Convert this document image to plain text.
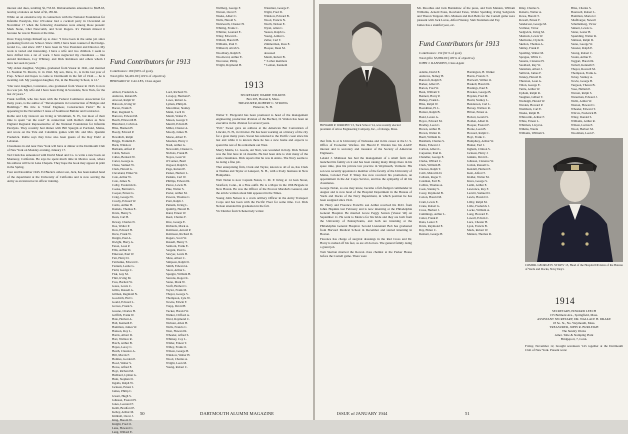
interest and dues, totalling $1,733.63. Disbursements amounted to $928.63, leaving a balance on hand of $1,185.66.

While on an extensive trip in connection with the National Foundation for Infantile Paralysis, Doc O'Connor had a cocktail party in Cleveland on November 17 when the following classmates were among those present: Mark Stone, Chet Newcomb, and Scott Rogers. Irv Putnam missed it because he was in Boston at the time.

Dave Trapp brings himself up to date: "I have been in the same job since graduating from Law School. Since 1928, I have been counsel of the Dodge-Grand Co., and since 1937 I have been its Vice President and Director. My work is varied and interesting. I have a wife and two children. I seem to have drifted into a rut of work. I have neglected my classmates — like Arnold Robinson, Coy Whitney, and Dick Robinson and others whom I have not seen in years."

"My oldest daughter, Virginia, graduated from Vassar in 1941, and married Lt. Norman W. Morris, Jr. in 1942. My son, Dave, Jr., is in his last year of Prep. School and hopes to come to Dartmouth in the fall of 1944 — he is awaiting call. My youngest daughter, Pat, in the Brearley School, is 12."

"Our next daughter, Constance, also graduated from Vassar in 1943. Is now in a war job. My wife and I have been living in Scarsdale, New York, for the last 22 years."

Frank Griffith, who has been with the Federal Commerce Association for many years, is the author of "Developments in Construction of Bridges and Buildings." His title is "Chief Engineer, Construction Field." He is appearing in the November 5 issue of Southwest Builder and Contractor.

Rollie and Lily Linscott are living at Wrentham, N. H., but most of their time is spent "on the road" in connection with Rollie's duties as New England Regional Representative of the National Foundation for Infantile Paralysis. They recently had dinner with Bill Spurgin at Portland, Maine, and wrote on the Yale and Columbia games with Mr. and Mrs. Quentin Frederick. Rollie says they have also been guests of the Ray Ends' at Lebanon.

Classmates in and near New York will have at dinner at the Dartmouth Club of New York on Monday evening, January 17.

Ted Clark has announced with David Mead and Co. to write a new book on Monterey, California. He says he spent much time in Mexico soon, where his address will be in Lake Chapala. They hope the book may appear in print in the Spring.

Four and December 1943. Ed Bucks's oldest son, Jack, has been named head of the department at the University of California and is now serving the Army as an instructor in officer training.

Fund Contributors for 1913
Contributors: 169 (90% of goal),
Total gifts: $4,491.00 (119% of objective)
BERNARD W. CALLES, Class Agent
Abbott, Frederick A.
Andrews, Roland B.
Atwood, Ralph W.
Babcock, Irving W.
Bacon, Frank E.
Barr, Reginald S.
Barrows, Edward M.
Beach, Ellsworth B.
Blanchard, Calvin A.
Bliss, Hannon H.
Boody, Edward P.
Bowditch, Ralph
Briggs, Franklin E.
Buck, Winslow
Burbank, Alfred P.
Cabin, Nelson
Calles, Bernard W.
Carter, George A.
Chase, Samuel W.
Clark, Harold G.
Cleveland, Elmer W.
Cole, Arthur W.
Cole, James N.
Colby, Frederick K.
Cooke, Bertram L.
Cooper, Ernest G.
Craig, George W.
Crosby, Edward W.
Curtis, Arthur H.
Daniels, Thomas E.
Davis, Henry S.
Dean, Carl B.
Dewey, Charles N.
Doe, Walter P.
Dow, Edward H.
Drew, Frank W.
Durgin, Paul A.
Dwight, Harry A.
Eaton, Leon P.
Ellis, Arthur D.
Emerson, Paul W.
Fair, Harry D.
Fairbanks, Edward C.
Farnum, Leslie G.
Field, George C.
Fisk, Guy M.
Flint, Irving M.
Foss, Bartlett W.
Gates, Lewis C.
Gibbs, Russell A.
Gilman, Reginald N.
Goodrich, Hal C.
Gould, Edward L.
Graves, Frank S.
Greene, Charles H.
Griffith, Frank W.
Hale, Herbert A.
Hall, Kenneth E.
Hamilton, James W.
Hanson, Roy L.
Harris, Albert D.
Hart, Wallace R.
Hatch, Arthur B.
Hayes, Leroy C.
Heath, Clarence A.
Hill, Morris F.
Holmes, Gordon P.
Hood, Walter S.
Howe, Alfred E.
Hoyt, Richard M.
Hubbard, Lyman G.
Hunt, Stephen D.
Ingalls, Ralph W.
Jackson, Ernest J.
James, Philip C.
Jewett, Hugh S.
Johnson, Everett H.
Jones, Leonard F.
Keith, Bradford E.
Kelley, Arthur M.
Kimball, Oscar J.
King, Harold W.
Knight, Fred O.
Lane, Howard C.
Lang, Willard E.
Lord, Richard W.
Lovejoy, Herman F.
Lowe, Robert A.
Lyman, Philip R.
Macomber, Stanley
Mann, Cecil D.
Marsh, Walter E.
Mason, George T.
Merrill, Edwin H.
Miller, Chester A.
Moody, James H.
Morse, Albert E.
Moulton, Harry J.
Nash, Arthur G.
Newcomb, Chester L.
Nichols, Frank H.
Noyes, Leon W.
O'Connor, Basil
Osgood, Ralph S.
Page, Roland E.
Parker, Herbert L.
Perkins, Carl W.
Phillips, Edward R.
Pierce, Lewis H.
Pike, Walter S.
Porter, Arthur M.
Powers, Thomas C.
Pratt, Ralph J.
Putnam, Irving L.
Quimby, Harold B.
Rand, Ernest W.
Reed, Charles F.
Rice, George E.
Richards, Mark A.
Robinson, Arnold P.
Robinson, Richard D.
Rogers, Scott W.
Russell, Henry T.
Sanborn, Frank E.
Sargent, Paul G.
Sawyer, Lewis B.
Shaw, Albert C.
Simpson, Ralph D.
Smith, Edward A.
Snow, Arthur L.
Spurgin, William H.
Stevens, Roger K.
Stone, Mark W.
Swift, Herbert C.
Taylor, Frank M.
Thayer, George S.
Thompson, Lyle W.
Towne, Edwin F.
Trapp, David H.
Tucker, Harold W.
Walker, Clifford A.
Ward, Raymond C.
Webster, Allen H.
Wells, Francis C.
West, Howard R.
Wheeler, Alfred S.
Whitney, Coy L.
Wilder, Ernest T.
Willey, Frank O.
Wilson, George B.
Winslow, Walter H.
Wood, Charles A.
Wright, Leon M.
Young, Robert C.
Wallberg, George F.
Warren, Oscar F.
Weeks, Albert C.
Wells, Harold S.
Wentworth, Chester H.
Whiting, Frank C.
Whittier, Leonard E.
Wiley, Edward L.
Willard, Harold B.
Williams, Paul T.
Witherell, Alvah S.
Woodbury, Ralph E.
Woodward, Arthur E.
Worcester, Philip
Wright, Raymond H.
Wiesmier, George F.
Wight, Fred D.
Winslow, Edward B.
Wood, Francis N.
Worth, Nelson E.
Wyatt, Allen C.
Yeaton, Ralph G.
Young, Arthur L.
Zeller, Carl T.
Zimmerman, Ross E.
Hooper, Dean M.
deceased
Marsh, Robert B.
* 3 other members
* Lemon, Kenneth
1913
SECRETARY, WARDE WILKINS
Box 205, Boston 6, Mass.
TREASURER, ROBERT C. STRONG
Hanover, N. H.

Walter T. Fitzgerald has been promoted to head of the management engineering production division of the Bechtel, II. Walton has been an executive in the division for several years.

"P.D." Sweet gave an address at the American Bar Convention of Lincoln, N. H., in October. He has been working on a history of the city for a great many years. Sweet has returned to the Pacific coast since his last and while it is known there he has a new home and expects to spend the rest of his retirement out West.

Merry Moitle, Lt. Goode, Art Nutt, was wounded in Italy. Dick Nelson was the first here in 14 months. He had been able to visit many of the same classmates. Dick reports that he was in Anzio. The Navy seems to be doing a fine job.

That enterprising firm, Clark and Taylor, known to all of us, has Clark at Nashua and Taylor at Lakeport, N. H., with a lively business in New Hampshire.

Walt Nolan is now Captain Nolan, C. M. P. living at 14 Jean Street, Stratford, Conn., in a Fine outfit. He is a Major in the 18th Brigade in New Haven. He was the Officer of the Provost Marshal's General, and the article written about him appeared in the Times.

Young John Nelson is a crack artillery Officer in the Army Transport Corps and has been with the Pacific Fleet for some time. Col. Dick Nelson attended his graduation in the fall.

Vic Dunbar from Schenectady writes:

50	DARTMOUTH ALUMNI MAGAZINE
HOWARD P. WARDEN '13, Tuck School '14, was recently elected president of Alcoa Engineering Company, Inc., of Orange, Mass.

that firm. Is at Is University of Nebraska and in his career at the U. S. Office of Economic Warfare. On Harold P. Warden has his AAUP interest and is secretary and treasurer of the Society of American Engineers.

Leland J. Malinson has had the management of a small farm and launched his family on it and has been raising many things there in his spare time, plus his private law practice in Weymouth, Vermont. His son was recently appointed a member of the faculty of the University of Maine, Colonel Fred P. Sharp has now received his promotion, an appointment in the Air Corps Service, and has the sympathy of all his classmates.

George Nolan, as one may know, became a full-fledged commander in August and is now head of the Hospital Department in the Bureau of Yards and Docks of the Navy Department, in which position he has been assigned since 1941.

Dr. Harry and Florence French's son Arthur received his M.D. from Johns Hopkins last February and is now interning at the Philadelphia General Hospital. He married Grace Peggy Sexton (Vassar '40) on September 11. He went to Mexico for his bride and they are both from the University of Pennsylvania, and both are interning at the Philadelphia General Hospital. Second Lieutenant Bob has graduated from Harvard Medical School in December and started interning in Boston.

Florence has charge of surgical dressings in the Red Cross and Dr. Harry is rushed off his feet, as are all doctors. The general family doing a grand job.

Tom Skelton married the Rowan class chemist at the Parker House before the Cornell game. There were

Mr. Moorhus and Jack Burtnshaw of the press, and Tom Manion, William Williams, Arnold Estes, Rowland Estes, Walter Spalding, Irving Sedgwick and Theron Turgeon. Mrs. Munson and Rob Belts for the Cornell game were pleasant with Jack Lucas, Alfred Wesley, Stub Stutzman and Fay.

James has a stuntful year, etc.

Fund Contributors for 1913
Contributors: 132 (91% of goal)
Total gifts: $3,869.00 (105% of objective)
JOHN J. RANSDEN, Class Agent
Adams, David E.
Andrews, Sidney H.
Bancroft, Ralph E.
Barker, Albert E.
Barton, Fred W.
Bean, William T.
Bennett, Harry P.
Bishop, Frank L.
Bliss, Ralph W.
Boardman, H. L.
Bolster, Ralph B.
Bond, Lester A.
Boyce, Edward M.
Bradley, Leon C.
Brown, Arthur H.
Brown, Walter R.
Buell, William K.
Burnham, Charles S.
Burns, Edward J.
Carlton, Albert L.
Carpenter, Paul R.
Chandler, George E.
Clarke, Willard C.
Clark, William H.
Cleaves, Ralph T.
Cobb, Malcolm D.
Colburn, Roger T.
Coleman, Earl B.
Collins, Thomas A.
Cook, Stanley S.
Corey, Raymond B.
Cotton, Harold M.
Cram, Lewis E.
Crane, Robert G.
Cross, Herbert J.
Cummings, Arthur L.
Cutter, Frank P.
Dana, Lester F.
Davis, Raymond E.
Day, Elmer C.
Dennett, George H.
Harrington, H. Walker
Harris, Francis T.
Hartwell, Wilbur O.
Haskell, Harold R.
Hastings, Paul E.
Hawkes, George B.
Hayden, Fred M.
Heald, Stanley L.
Henderson, Carl L.
Hersey, Wallace R.
Hilton, Ernest A.
Hobart, Gerald S.
Holden, Albert R.
Hooper, Everett F.
Horne, Leon B.
Howard, Ralph C.
Hoyt, Frank C.
Humphrey, Arthur W.
Hunter, Earl J.
Ingham, Clinton S.
Jackson, Harry J.
Jenkins, David L.
Johnson, Clarence W.
Jordan, Russell G.
Kendall, Herbert E.
Kent, Alfred T.
Kidder, Walter M.
Knox, George S.
Lamb, Arthur E.
Lawrence, Roy F.
Leavitt, Samuel D.
Lewis, Harold O.
Libby, Ralph M.
Little, Frederick J.
Locke, William A.
Long, Howard E.
Lowell, Edwin C.
Luce, Chester H.
Lyon, Francis B.
Mack, Robert W.
Manion, Thomas R.
Riley, Charles S.
Roberts, Walter A.
Rowe, Harold T.
Rowell, Ernest F.
Sanderson, George M.
Scribner, Victor
Sedgwick, Irving M.
Shattuck, Lewis W.
Sherburne, Clyde R.
Skelton, Thomas A.
Smiley, Frank P.
Spalding, Walter M.
Sprague, Willis C.
Stearns, Clarence H.
Stoddard, Ray W.
Stutzman, Albert J.
Sullivan, James F.
Tenney, Harold D.
Thurston, Leon A.
Tilton, George E.
Tuttle, Arthur W.
Upham, Ralph R.
Vaughan, Gilbert T.
Wadleigh, Harold W.
Warden, Howard P.
Washburn, Carl E.
Weeks, Ralph H.
Whitcomb, Arthur F.
White, Ernest L.
Whitman, Lloyd A.
Wilkins, Warde
Williams, William S.
Bliss, Charles S.
Boutwell, Robert L.
Hamilton, Morton J.
Shaftbarger, Newell
Schellenberg, Victor
Sinnett, Lewis G.
Slater, Lester H.
Spaulding, Walter R.
Stimson, Ralph D.
Stone, George W.
Streeter, Ralph E.
Strong, Robert C.
Swain, Arthur E.
Taggart, Harold R.
Tarbell, Kenneth F.
Thayer, Roswell M.
Thompson, Frank A.
Tobey, Stanley A.
Towle, George B.
Turgeon, Theron B.
Vose, Hallam P.
Warren, Ralph S.
Waterman, Edward J.
Webb, Arthur W.
Weston, Howard C.
Wheeler, Edward T.
Wilcox, Frederick H.
Wiley, Donald S.
Williams, Arthur R.
Wilson, Lucius E.
Wood, Herbert M.
Woodman, Leon F.
COMDR. GEORGE H. STILES '13, Head of the Hospital Division of the Bureau of Yards and Docks, Navy Dep't.
1914
SECRETARY, EDWARD LEECH
155 Belmont Ave., Springfield, Mass.
ASSISTANT SECRETARY, DR. WALLACE H. DRAKE
18 So. St., No. Weymouth, Mass.
TREASURER, JOHN R. BURLEIGH
The Sundry Works
Amer. Tube & Stamping Plant
Bridgeport, 7, Conn.

Friday, November 12, brought seventeen '14's together at the Dartmouth Club of New York. Present were:

ISSUE of JANUARY 1944	51
